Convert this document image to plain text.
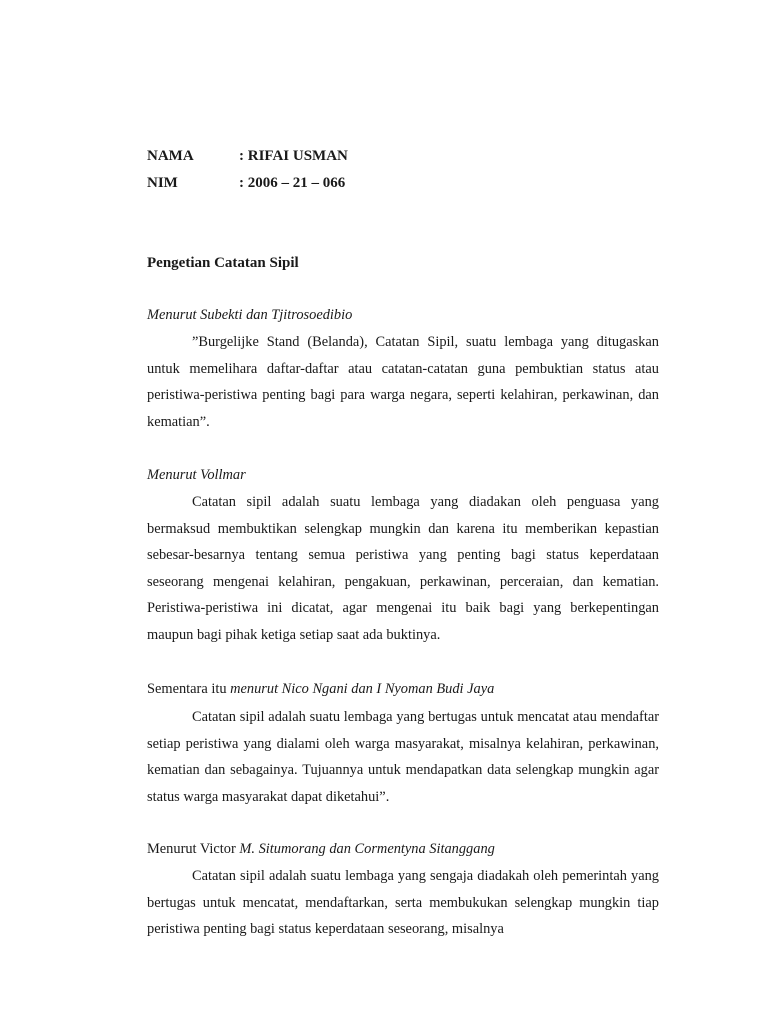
NAMA	: RIFAI USMAN
NIM	: 2006 – 21 – 066
Pengetian Catatan Sipil
Menurut Subekti dan Tjitrosoedibio

”Burgelijke Stand (Belanda), Catatan Sipil, suatu lembaga yang ditugaskan untuk memelihara daftar-daftar atau catatan-catatan guna pembuktian status atau peristiwa-peristiwa penting bagi para warga negara, seperti kelahiran, perkawinan, dan kematian”.

Menurut Vollmar

Catatan sipil adalah suatu lembaga yang diadakan oleh penguasa yang bermaksud membuktikan selengkap mungkin dan karena itu memberikan kepastian sebesar-besarnya tentang semua peristiwa yang penting bagi status keperdataan seseorang mengenai kelahiran, pengakuan, perkawinan, perceraian, dan kematian. Peristiwa-peristiwa ini dicatat, agar mengenai itu baik bagi yang berkepentingan maupun bagi pihak ketiga setiap saat ada buktinya.

Sementara itu menurut Nico Ngani dan I Nyoman Budi Jaya

Catatan sipil adalah suatu lembaga yang bertugas untuk mencatat atau mendaftar setiap peristiwa yang dialami oleh warga masyarakat, misalnya kelahiran, perkawinan, kematian dan sebagainya. Tujuannya untuk mendapatkan data selengkap mungkin agar status warga masyarakat dapat diketahui”.

Menurut Victor M. Situmorang dan Cormentyna Sitanggang

Catatan sipil adalah suatu lembaga yang sengaja diadakah oleh pemerintah yang bertugas untuk mencatat, mendaftarkan, serta membukukan selengkap mungkin tiap peristiwa penting bagi status keperdataan seseorang, misalnya
